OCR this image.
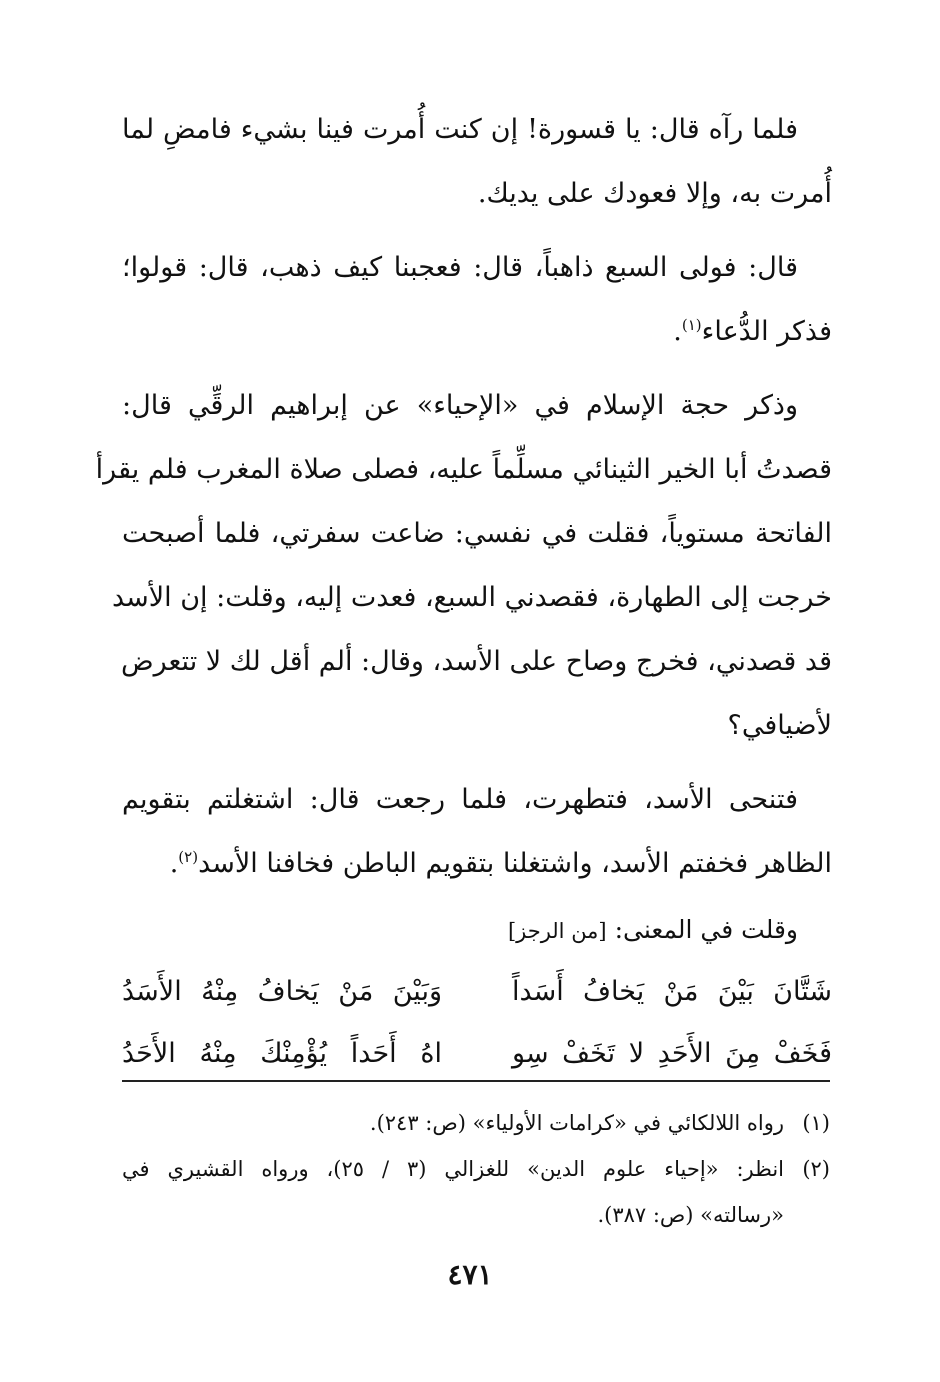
فلما رآه قال: يا قسورة! إن كنت أُمرت فينا بشيء فامضِ لما
أُمرت به، وإلا فعودك على يديك.
قال: فولى السبع ذاهباً، قال: فعجبنا كيف ذهب، قال: قولوا؛
فذكر الدُّعاء$^{(١)}$.
وذكر حجة الإسلام في «الإحياء» عن إبراهيم الرقِّي قال:
قصدتُ أبا الخير الثينائي مسلِّماً عليه، فصلى صلاة المغرب فلم يقرأ
الفاتحة مستوياً، فقلت في نفسي: ضاعت سفرتي، فلما أصبحت
خرجت إلى الطهارة، فقصدني السبع، فعدت إليه، وقلت: إن الأسد
قد قصدني، فخرج وصاح على الأسد، وقال: ألم أقل لك لا تتعرض
لأضيافي؟
فتنحى الأسد، فتطهرت، فلما رجعت قال: اشتغلتم بتقويم
الظاهر فخفتم الأسد، واشتغلنا بتقويم الباطن فخافنا الأسد$^{(٢)}$.
وقلت في المعنى: [من الرجز]
شَتَّانَ بَيْنَ مَنْ يَخافُ أَسَداً
وَبَيْنَ مَنْ يَخافُ مِنْهُ الأَسَدُ
فَخَفْ مِنَ الأَحَدِ لا تَخَفْ سِو
اهُ أَحَداً يُؤْمِنْكَ مِنْهُ الأَحَدُ
(١)
رواه اللالكائي في «كرامات الأولياء» (ص: ٢٤٣).
(٢)
انظر: «إحياء علوم الدين» للغزالي (٣ / ٢٥)، ورواه القشيري في
«رسالته» (ص: ٣٨٧).
٤٧١
